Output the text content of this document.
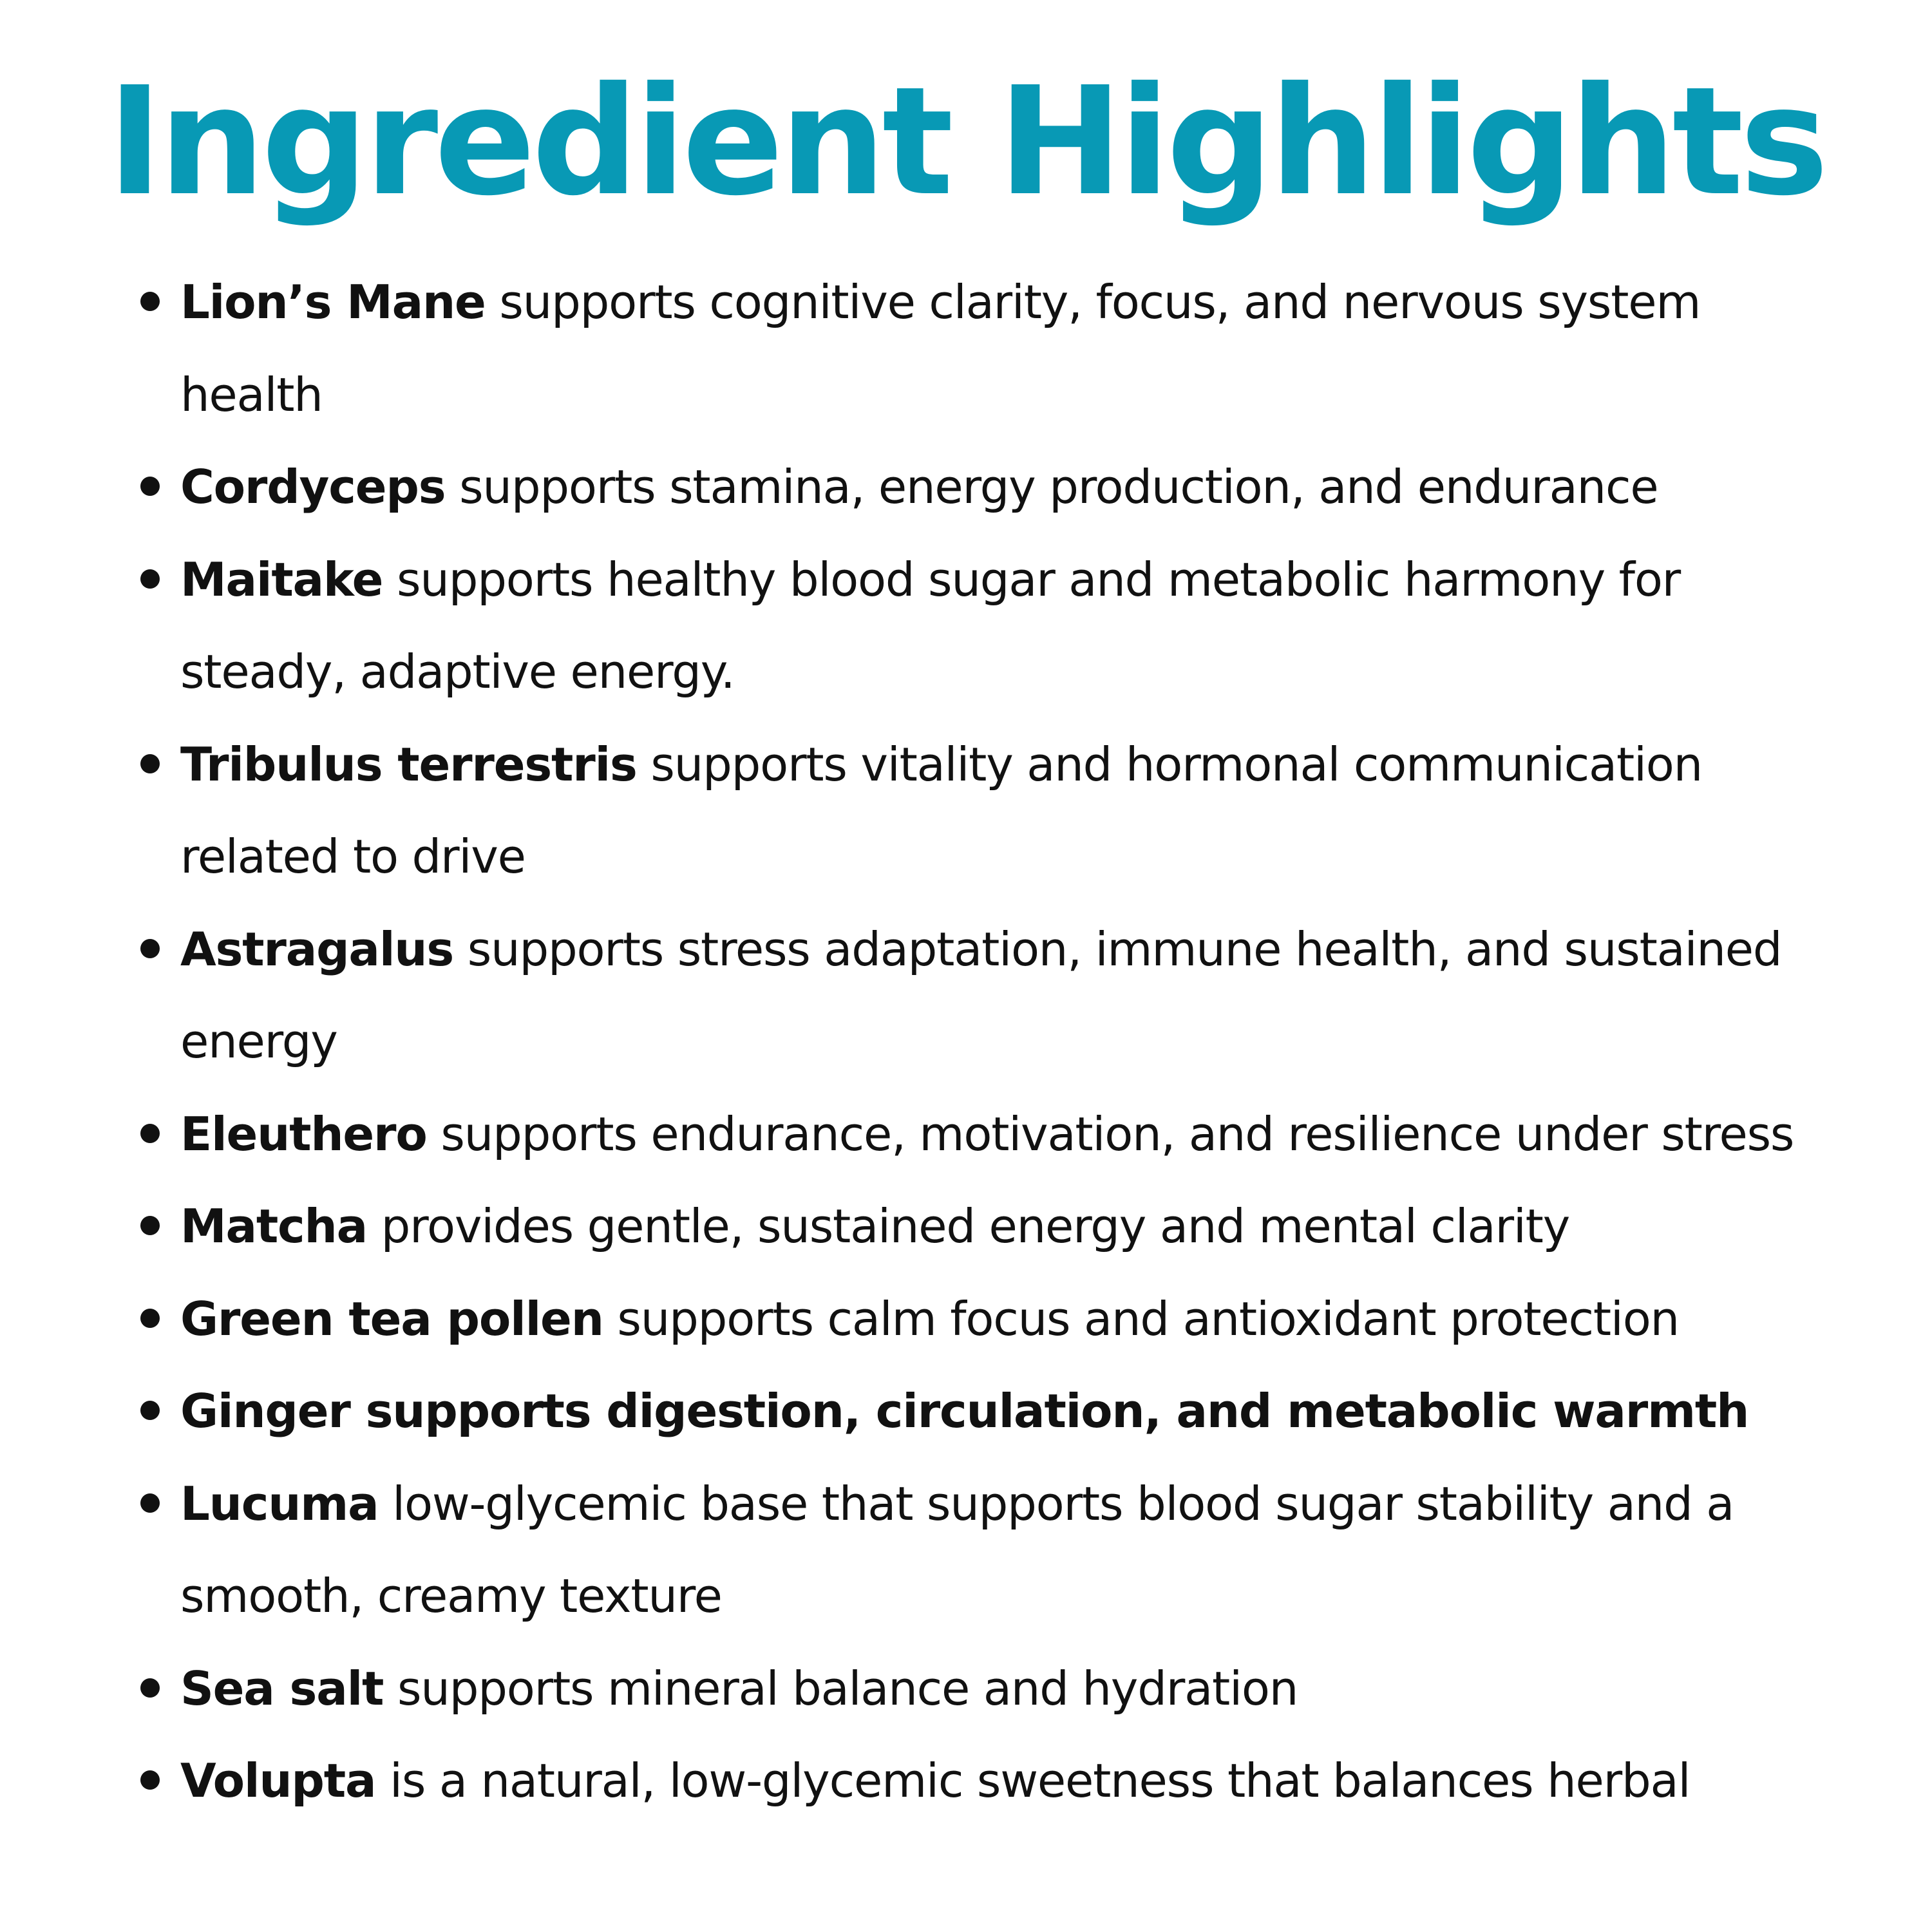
Ingredient Highlights
Lion’s Mane supports cognitive clarity, focus, and nervous system health
Cordyceps supports stamina, energy production, and endurance
Maitake supports healthy blood sugar and metabolic harmony for steady, adaptive energy.
Tribulus terrestris supports vitality and hormonal communication related to drive
Astragalus supports stress adaptation, immune health, and sustained energy
Eleuthero supports endurance, motivation, and resilience under stress
Matcha provides gentle, sustained energy and mental clarity
Green tea pollen supports calm focus and antioxidant protection
Ginger supports digestion, circulation, and metabolic warmth
Lucuma low-glycemic base that supports blood sugar stability and a smooth, creamy texture
Sea salt supports mineral balance and hydration
Volupta is a natural, low-glycemic sweetness that balances herbal
